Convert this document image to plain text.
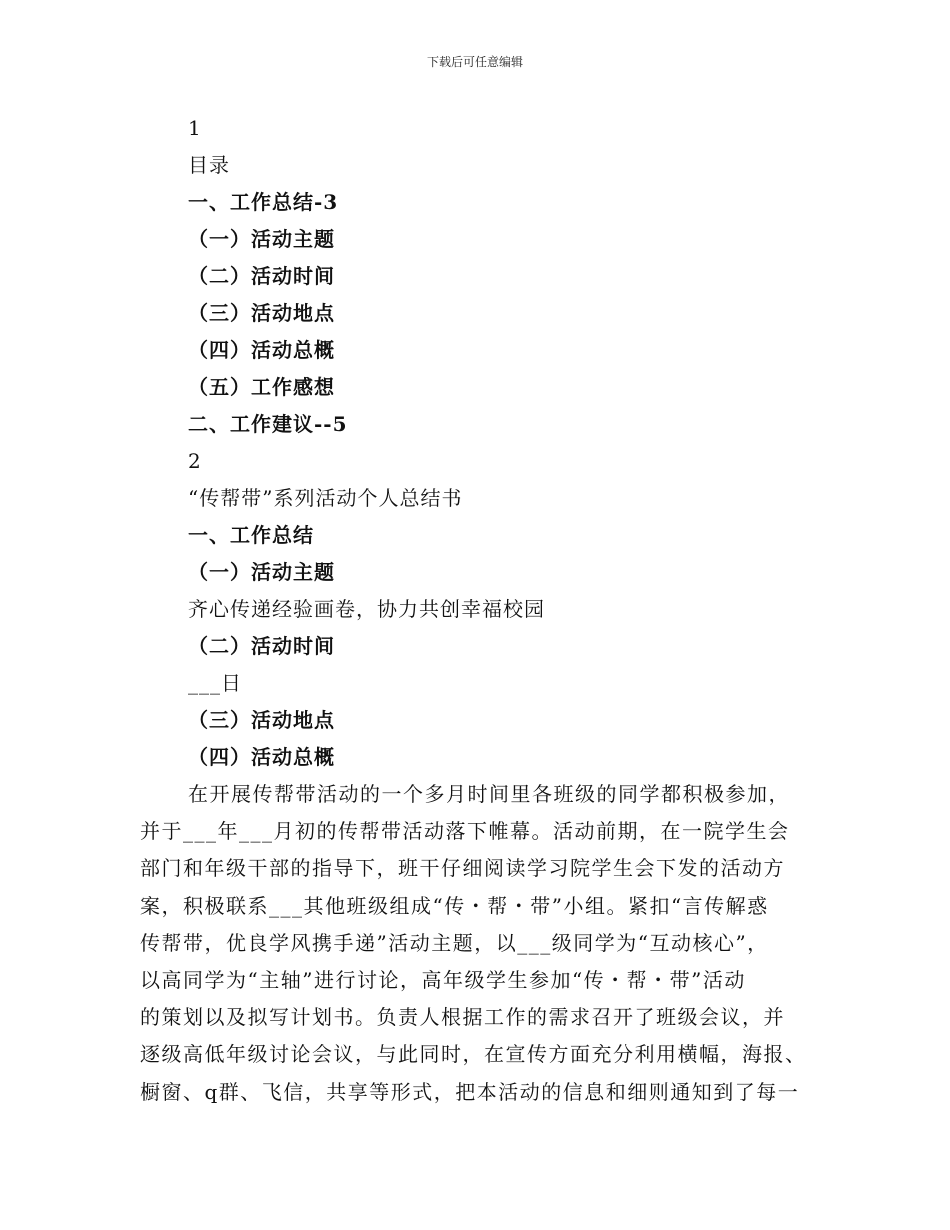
下载后可任意编辑
1
目录
一、工作总结-3
（一）活动主题
（二）活动时间
（三）活动地点
（四）活动总概
（五）工作感想
二、工作建议--5
2
“传帮带”系列活动个人总结书
一、工作总结
（一）活动主题
齐心传递经验画卷，协力共创幸福校园
（二）活动时间
___日
（三）活动地点
（四）活动总概
在开展传帮带活动的一个多月时间里各班级的同学都积极参加，
并于___年___月初的传帮带活动落下帷幕。活动前期，在一院学生会
部门和年级干部的指导下，班干仔细阅读学习院学生会下发的活动方
案，积极联系___其他班级组成“传・帮・带”小组。紧扣“言传解惑
传帮带，优良学风携手递”活动主题，以___级同学为“互动核心”，
以高同学为“主轴”进行讨论，高年级学生参加“传・帮・带”活动
的策划以及拟写计划书。负责人根据工作的需求召开了班级会议，并
逐级高低年级讨论会议，与此同时，在宣传方面充分利用横幅，海报、
橱窗、q群、飞信，共享等形式，把本活动的信息和细则通知到了每一
